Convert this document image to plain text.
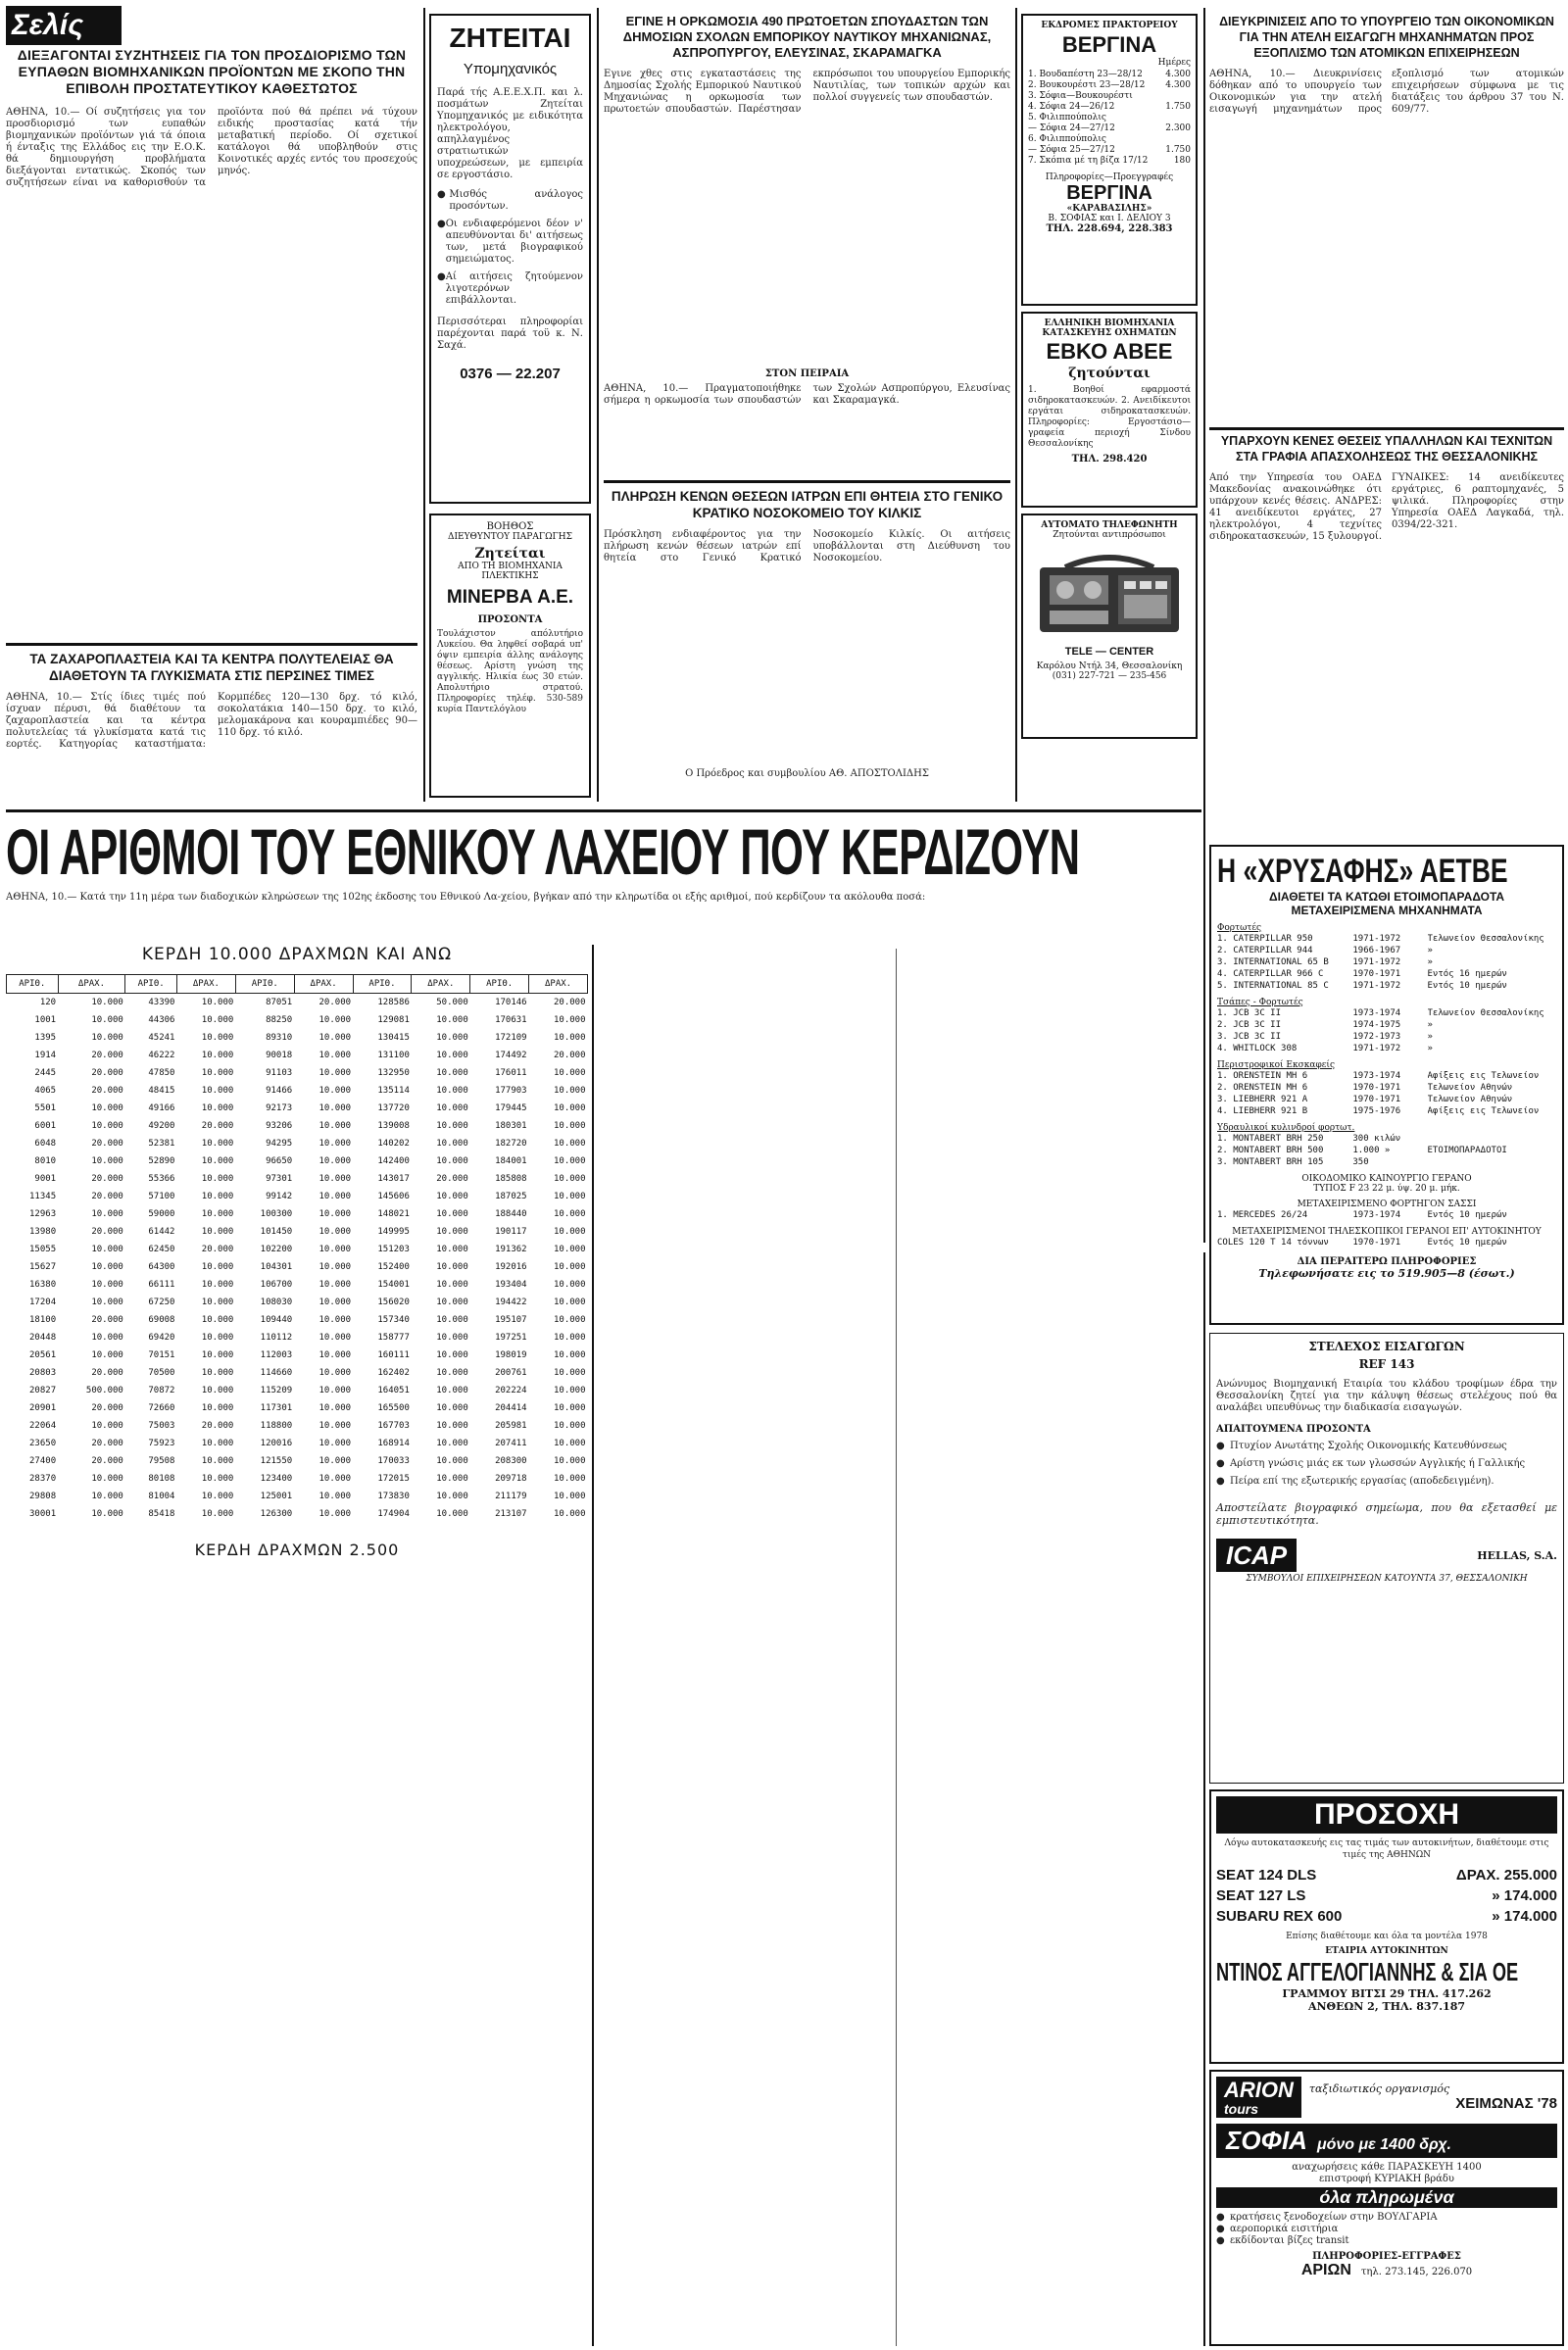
Σελίς
ΔΙΕΞΑΓΟΝΤΑΙ ΣΥΖΗΤΗΣΕΙΣ ΓΙΑ ΤΟΝ ΠΡΟΣΔΙΟΡΙΣΜΟ ΤΩΝ ΕΥΠΑΘΩΝ ΒΙΟΜΗΧΑΝΙΚΩΝ ΠΡΟΪΟΝΤΩΝ ΜΕ ΣΚΟΠΟ ΤΗΝ ΕΠΙΒΟΛΗ ΠΡΟΣΤΑΤΕΥΤΙΚΟΥ ΚΑΘΕΣΤΩΤΟΣ
ΑΘΗΝΑ, 10.— Οί συζητήσεις για τον προσδιορισμό των ευπαθών βιομηχανικών προϊόντων γιά τά όποια ή ένταξις της Ελλάδος εις την Ε.Ο.Κ. θά δημιουργήση προβλήματα διεξάγονται εντατικώς. Σκοπός των συζητήσεων είναι να καθορισθούν τα προϊόντα πού θά πρέπει νά τύχουν ειδικής προστασίας κατά τήν μεταβατική περίοδο. Οί σχετικοί κατάλογοι θά υποβληθούν στις Κοινοτικές αρχές εντός του προσεχούς μηνός.
ΤΑ ΖΑΧΑΡΟΠΛΑΣΤΕΙΑ ΚΑΙ ΤΑ ΚΕΝΤΡΑ ΠΟΛΥΤΕΛΕΙΑΣ ΘΑ ΔΙΑΘΕΤΟΥΝ ΤΑ ΓΛΥΚΙΣΜΑΤΑ ΣΤΙΣ ΠΕΡΣΙΝΕΣ ΤΙΜΕΣ
ΑΘΗΝΑ, 10.— Στίς ίδιες τιμές πού ίσχυαν πέρυσι, θά διαθέτουν τα ζαχαροπλαστεία και τα κέντρα πολυτελείας τά γλυκίσματα κατά τις εορτές. Κατηγορίας καταστήματα: Κορμπέδες 120—130 δρχ. τό κιλό, σοκολατάκια 140—150 δρχ. το κιλό, μελομακάρονα και κουραμπιέδες 90—110 δρχ. τό κιλό.
ΖΗΤΕΙΤΑΙ
Υπομηχανικός
Παρά τής Α.Ε.Ε.Χ.Π. και λ. ποσμάτων Ζητείται Υπομηχανικός με ειδικότητα ηλεκτρολόγου, απηλλαγμένος στρατιωτικών υποχρεώσεων, με εμπειρία σε εργοστάσιο.
● Μισθός ανάλογος προσόντων.
● Οι ενδιαφερόμενοι δέον ν' απευθύνονται δι' αιτήσεως των, μετά βιογραφικού σημειώματος.
● Αί αιτήσεις ζητούμενον λιγοτερόνων επιβάλλονται.
Περισσότεραι πληροφορίαι παρέχονται παρά τοϋ κ. Ν. Σαχά.
0376 — 22.207
ΒΟΗΘΟΣ
ΔΙΕΥΘΥΝΤΟΥ ΠΑΡΑΓΩΓΗΣ
Ζητείται
ΑΠΟ ΤΗ ΒΙΟΜΗΧΑΝΙΑ ΠΛΕΚΤΙΚΗΣ
ΜΙΝΕΡΒΑ Α.Ε.
ΠΡΟΣΟΝΤΑ
Τουλάχιστον απόλυτήριο Λυκείου. Θα ληφθεί σοβαρά υπ' όψιν εμπειρία άλλης ανάλογης θέσεως. Αρίστη γνώση της αγγλικής. Ηλικία έως 30 ετών. Απολυτήριο στρατού. Πληροφορίες τηλέφ. 530-589 κυρία Παντελόγλου
ΕΓΙΝΕ Η ΟΡΚΩΜΟΣΙΑ 490 ΠΡΩΤΟΕΤΩΝ ΣΠΟΥΔΑΣΤΩΝ ΤΩΝ ΔΗΜΟΣΙΩΝ ΣΧΟΛΩΝ ΕΜΠΟΡΙΚΟΥ ΝΑΥΤΙΚΟΥ ΜΗΧΑΝΙΩΝΑΣ, ΑΣΠΡΟΠΥΡΓΟΥ, ΕΛΕΥΣΙΝΑΣ, ΣΚΑΡΑΜΑΓΚΑ
Εγινε χθες στις εγκαταστάσεις της Δημοσίας Σχολής Εμπορικού Ναυτικού Μηχανιώνας η ορκωμοσία των πρωτοετών σπουδαστών. Παρέστησαν εκπρόσωποι του υπουργείου Εμπορικής Ναυτιλίας, των τοπικών αρχών και πολλοί συγγενείς των σπουδαστών.
ΣΤΟΝ ΠΕΙΡΑΙΑ
ΑΘΗΝΑ, 10.— Πραγματοποιήθηκε σήμερα η ορκωμοσία των σπουδαστών των Σχολών Ασπροπύργου, Ελευσίνας και Σκαραμαγκά.
ΠΛΗΡΩΣΗ ΚΕΝΩΝ ΘΕΣΕΩΝ ΙΑΤΡΩΝ ΕΠΙ ΘΗΤΕΙΑ ΣΤΟ ΓΕΝΙΚΟ ΚΡΑΤΙΚΟ ΝΟΣΟΚΟΜΕΙΟ ΤΟΥ ΚΙΛΚΙΣ
Πρόσκληση ενδιαφέροντος για την πλήρωση κενών θέσεων ιατρών επί θητεία στο Γενικό Κρατικό Νοσοκομείο Κιλκίς. Οι αιτήσεις υποβάλλονται στη Διεύθυνση του Νοσοκομείου.
Ο Πρόεδρος και συμβουλίου ΑΘ. ΑΠΟΣΤΟΛΙΔΗΣ
ΕΚΔΡΟΜΕΣ ΠΡΑΚΤΟΡΕΙΟΥ
ΒΕΡΓΙΝΑ
Ημέρες
1. Βουδαπέστη 23—28/12	4.300
2. Βουκουρέστι 23—28/12 4.300
3. Σόφια—Βουκουρέστι
4. Σόφια 24—26/12	1.750
5. Φιλιππούπολις
— Σόφια 24—27/12	2.300
6. Φιλιππούπολις
— Σόφια 25—27/12	1.750
7. Σκόπια μέ τη βίζα 17/12	180
Πληροφορίες—Προεγγραφές
ΒΕΡΓΙΝΑ
«ΚΑΡΑΒΑΣΙΛΗΣ»
Β. ΣΟΦΙΑΣ και Ι. ΔΕΛΙΟΥ 3
ΤΗΛ. 228.694, 228.383
ΕΛΛΗΝΙΚΗ ΒΙΟΜΗΧΑΝΙΑ
ΚΑΤΑΣΚΕΥΗΣ ΟΧΗΜΑΤΩΝ
ΕΒΚΟ ΑΒΕΕ
ζητούνται
1. Βοηθοί εφαρμοστά σιδηροκατασκευών. 2. Ανειδίκευτοι εργάται σιδηροκατασκευών. Πληροφορίες: Εργοστάσιο—γραφεία περιοχή Σίνδου Θεσσαλονίκης
ΤΗΛ. 298.420
ΑΥΤΟΜΑΤΟ ΤΗΛΕΦΩΝΗΤΗ
Ζητούνται αντιπρόσωποι
TELE — CENTER
Καρόλου Ντήλ 34, Θεσσαλονίκη (031) 227-721 — 235-456
ΔΙΕΥΚΡΙΝΙΣΕΙΣ ΑΠΟ ΤΟ ΥΠΟΥΡΓΕΙΟ ΤΩΝ ΟΙΚΟΝΟΜΙΚΩΝ ΓΙΑ ΤΗΝ ΑΤΕΛΗ ΕΙΣΑΓΩΓΗ ΜΗΧΑΝΗΜΑΤΩΝ ΠΡΟΣ ΕΞΟΠΛΙΣΜΟ ΤΩΝ ΑΤΟΜΙΚΩΝ ΕΠΙΧΕΙΡΗΣΕΩΝ
ΑΘΗΝΑ, 10.— Διευκρινίσεις δόθηκαν από το υπουργείο των Οικονομικών για την ατελή εισαγωγή μηχανημάτων προς εξοπλισμό των ατομικών επιχειρήσεων σύμφωνα με τις διατάξεις του άρθρου 37 του Ν. 609/77.
ΥΠΑΡΧΟΥΝ ΚΕΝΕΣ ΘΕΣΕΙΣ ΥΠΑΛΛΗΛΩΝ ΚΑΙ ΤΕΧΝΙΤΩΝ ΣΤΑ ΓΡΑΦΙΑ ΑΠΑΣΧΟΛΗΣΕΩΣ ΤΗΣ ΘΕΣΣΑΛΟΝΙΚΗΣ
Από την Υπηρεσία του ΟΑΕΔ Μακεδονίας ανακοινώθηκε ότι υπάρχουν κενές θέσεις. ΑΝΔΡΕΣ: 41 ανειδίκευτοι εργάτες, 27 ηλεκτρολόγοι, 4 τεχνίτες σιδηροκατασκευών, 15 ξυλουργοί. ΓΥΝΑΙΚΕΣ: 14 ανειδίκευτες εργάτριες, 6 ραπτομηχανές, 5 ψιλικά. Πληροφορίες στην Υπηρεσία ΟΑΕΔ Λαγκαδά, τηλ. 0394/22-321.
ΟΙ ΑΡΙΘΜΟΙ ΤΟΥ ΕΘΝΙΚΟΥ ΛΑΧΕΙΟΥ ΠΟΥ ΚΕΡΔΙΖΟΥΝ
ΑΘΗΝΑ, 10.— Κατά την 11η μέρα των διαδοχικών κληρώσεων της 102ης έκδοσης του Εθνικού Λα-χείου, βγήκαν από την κληρωτίδα οι εξής αριθμοί, πού κερδίζουν τα ακόλουθα ποσά:
ΚΕΡΔΗ 10.000 ΔΡΑΧΜΩΝ ΚΑΙ ΑΝΩ
ΑΡΙΘ.	ΔΡΑΧ.	ΑΡΙΘ.	ΔΡΑΧ.	ΑΡΙΘ.	ΔΡΑΧ.	ΑΡΙΘ.	ΔΡΑΧ.	ΑΡΙΘ.	ΔΡΑΧ.
120	10.000	43390	10.000	87051	20.000	128586	50.000	170146	20.000
1001	10.000	44306	10.000	88250	10.000	129081	10.000	170631	10.000
1395	10.000	45241	10.000	89310	10.000	130415	10.000	172109	10.000
1914	20.000	46222	10.000	90018	10.000	131100	10.000	174492	20.000
2445	20.000	47850	10.000	91103	10.000	132950	10.000	176011	10.000
4065	20.000	48415	10.000	91466	10.000	135114	10.000	177903	10.000
5501	10.000	49166	10.000	92173	10.000	137720	10.000	179445	10.000
6001	10.000	49200	20.000	93206	10.000	139008	10.000	180301	10.000
6048	20.000	52381	10.000	94295	10.000	140202	10.000	182720	10.000
8010	10.000	52890	10.000	96650	10.000	142400	10.000	184001	10.000
9001	20.000	55366	10.000	97301	10.000	143017	20.000	185808	10.000
11345	20.000	57100	10.000	99142	10.000	145606	10.000	187025	10.000
12963	10.000	59000	10.000	100300	10.000	148021	10.000	188440	10.000
13980	20.000	61442	10.000	101450	10.000	149995	10.000	190117	10.000
15055	10.000	62450	20.000	102200	10.000	151203	10.000	191362	10.000
15627	10.000	64300	10.000	104301	10.000	152400	10.000	192016	10.000
16380	10.000	66111	10.000	106700	10.000	154001	10.000	193404	10.000
17204	10.000	67250	10.000	108030	10.000	156020	10.000	194422	10.000
18100	20.000	69008	10.000	109440	10.000	157340	10.000	195107	10.000
20448	10.000	69420	10.000	110112	10.000	158777	10.000	197251	10.000
20561	10.000	70151	10.000	112003	10.000	160111	10.000	198019	10.000
20803	20.000	70500	10.000	114660	10.000	162402	10.000	200761	10.000
20827	500.000	70872	10.000	115209	10.000	164051	10.000	202224	10.000
20901	20.000	72660	10.000	117301	10.000	165500	10.000	204414	10.000
22064	10.000	75003	20.000	118800	10.000	167703	10.000	205981	10.000
23650	20.000	75923	10.000	120016	10.000	168914	10.000	207411	10.000
27400	20.000	79508	10.000	121550	10.000	170033	10.000	208300	10.000
28370	10.000	80108	10.000	123400	10.000	172015	10.000	209718	10.000
29808	10.000	81004	10.000	125001	10.000	173830	10.000	211179	10.000
30001	10.000	85418	10.000	126300	10.000	174904	10.000	213107	10.000
ΚΕΡΔΗ ΔΡΑΧΜΩΝ 2.500
Η «ΧΡΥΣΑΦΗΣ» ΑΕΤΒΕ
ΔΙΑΘΕΤΕΙ ΤΑ ΚΑΤΩΘΙ ΕΤΟΙΜΟΠΑΡΑΔΟΤΑ
ΜΕΤΑΧΕΙΡΙΣΜΕΝΑ ΜΗΧΑΝΗΜΑΤΑ
Φορτωτές
1. CATERPILLAR 950	1971-1972	Τελωνείον Θεσσαλονίκης
2. CATERPILLAR 944	1966-1967	»
3. INTERNATIONAL 65 B	1971-1972	»
4. CATERPILLAR 966 C	1970-1971	Εντός 16 ημερών
5. INTERNATIONAL 85 C	1971-1972	Εντός 10 ημερών
Τσάπες - Φορτωτές
1. JCB 3C II	1973-1974	Τελωνείον Θεσσαλονίκης
2. JCB 3C II	1974-1975	»
3. JCB 3C II	1972-1973	»
4. WHITLOCK 308	1971-1972	»
Περιστροφικοί Εκσκαφείς
1. ORENSTEIN MH 6	1973-1974	Αφίξεις εις Τελωνείον
2. ORENSTEIN MH 6	1970-1971	Τελωνείον Αθηνών
3. LIEBHERR 921 A	1970-1971	Τελωνείον Αθηνών
4. LIEBHERR 921 B	1975-1976	Αφίξεις εις Τελωνείον
Υδραυλικοί κυλινδροί φορτωτ.
1. MONTABERT BRH 250	300 κιλών
2. MONTABERT BRH 500	1.000 »	ΕΤΟΙΜΟΠΑΡΑΔΟΤΟΙ
3. MONTABERT BRH 105	350
ΟΙΚΟΔΟΜΙΚΟ ΚΑΙΝΟΥΡΓΙΟ ΓΕΡΑΝΟ
ΤΥΠΟΣ F 23 22 μ. ύψ. 20 μ. μήκ.
ΜΕΤΑΧΕΙΡΙΣΜΕΝΟ ΦΟΡΤΗΓΟΝ ΣΑΣΣΙ
1. MERCEDES 26/24	1973-1974	Εντός 10 ημερών
ΜΕΤΑΧΕΙΡΙΣΜΕΝΟΙ ΤΗΛΕΣΚΟΠΙΚΟΙ ΓΕΡΑΝΟΙ ΕΠ' ΑΥΤΟΚΙΝΗΤΟΥ
COLES 120 T 14 τόννων	1970-1971	Εντός 10 ημερών
ΔΙΑ ΠΕΡΑΙΤΕΡΩ ΠΛΗΡΟΦΟΡΙΕΣ
Τηλεφωνήσατε εις το 519.905—8 (έσωτ.)
ΣΤΕΛΕΧΟΣ ΕΙΣΑΓΩΓΩΝ
REF 143
Ανώνυμος Βιομηχανική Εταιρία του κλάδου τροφίμων έδρα την Θεσσαλονίκη ζητεί για την κάλυψη θέσεως στελέχους πού θα αναλάβει υπευθύνως την διαδικασία εισαγωγών.
ΑΠΑΙΤΟΥΜΕΝΑ ΠΡΟΣΟΝΤΑ
● Πτυχίον Ανωτάτης Σχολής Οικονομικής Κατευθύνσεως
● Αρίστη γνώσις μιάς εκ των γλωσσών Αγγλικής ή Γαλλικής
● Πείρα επί της εξωτερικής εργασίας (αποδεδειγμένη).
Αποστείλατε βιογραφικό σημείωμα, που θα εξετασθεί με εμπιστευτικότητα.
ICAP	HELLAS, S.A.
ΣΥΜΒΟΥΛΟΙ ΕΠΙΧΕΙΡΗΣΕΩΝ ΚΑΤΟΥΝΤΑ 37, ΘΕΣΣΑΛΟΝΙΚΗ
ΠΡΟΣΟΧΗ
Λόγω αυτοκατασκευής εις τας τιμάς των αυτοκινήτων, διαθέτουμε στις τιμές της ΑΘΗΝΩΝ
SEAT 124 DLS	ΔΡΑΧ. 255.000
SEAT 127 LS	» 174.000
SUBARU REX 600	» 174.000
Επίσης διαθέτουμε και όλα τα μοντέλα 1978
ΕΤΑΙΡΙΑ ΑΥΤΟΚΙΝΗΤΩΝ
ΝΤΙΝΟΣ ΑΓΓΕΛΟΓΙΑΝΝΗΣ & ΣΙΑ ΟΕ
ΓΡΑΜΜΟΥ ΒΙΤΣΙ 29 ΤΗΛ. 417.262
ΑΝΘΕΩΝ 2, ΤΗΛ. 837.187
ARION
tours
ταξιδιωτικός οργανισμός
ΧΕΙΜΩΝΑΣ '78
ΣΟΦΙΑ μόνο με 1400 δρχ.
αναχωρήσεις κάθε ΠΑΡΑΣΚΕΥΗ 1400
επιστροφή ΚΥΡΙΑΚΗ βράδυ
όλα πληρωμένα
● κρατήσεις ξενοδοχείων στην ΒΟΥΛΓΑΡΙΑ
● αεροπορικά εισιτήρια
● εκδίδονται βίζες transit
ΠΛΗΡΟΦΟΡΙΕΣ-ΕΓΓΡΑΦΕΣ
ΑΡΙΩΝ τηλ. 273.145, 226.070
